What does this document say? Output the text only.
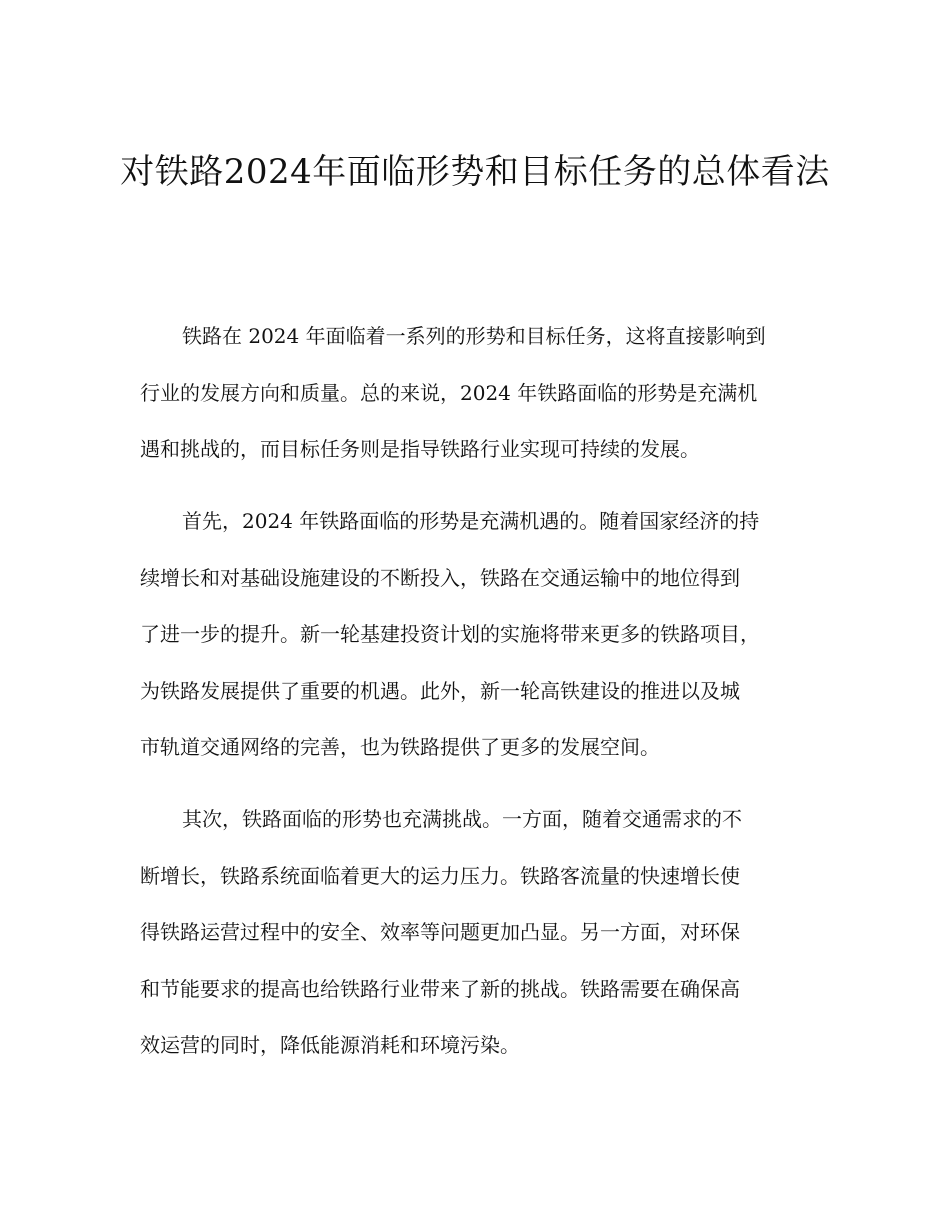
对铁路2024年面临形势和目标任务的总体看法

铁路在 2024 年面临着一系列的形势和目标任务，这将直接影响到

行业的发展方向和质量。总的来说，2024 年铁路面临的形势是充满机

遇和挑战的，而目标任务则是指导铁路行业实现可持续的发展。

首先，2024 年铁路面临的形势是充满机遇的。随着国家经济的持

续增长和对基础设施建设的不断投入，铁路在交通运输中的地位得到

了进一步的提升。新一轮基建投资计划的实施将带来更多的铁路项目，

为铁路发展提供了重要的机遇。此外，新一轮高铁建设的推进以及城

市轨道交通网络的完善，也为铁路提供了更多的发展空间。

其次，铁路面临的形势也充满挑战。一方面，随着交通需求的不

断增长，铁路系统面临着更大的运力压力。铁路客流量的快速增长使

得铁路运营过程中的安全、效率等问题更加凸显。另一方面，对环保

和节能要求的提高也给铁路行业带来了新的挑战。铁路需要在确保高

效运营的同时，降低能源消耗和环境污染。
